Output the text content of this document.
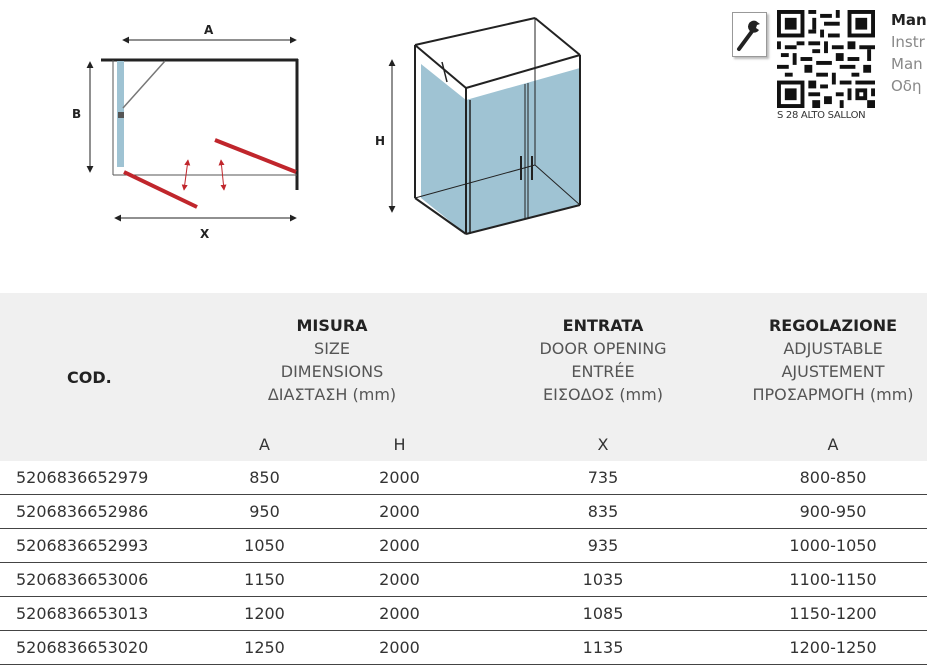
A
B
X
H
S 28 ALTO SALLON
Man
Instr
Man
Οδη
COD.	MISURA
SIZE
DIMENSIONS
ΔΙΑΣΤΑΣΗ (mm)		ENTRATA
DOOR OPENING
ENTRÉE
ΕΙΣΟΔΟΣ (mm)	REGOLAZIONE
ADJUSTABLE
AJUSTEMENT
ΠΡΟΣΑΡΜΟΓΗ (mm)

	A	H	X	A
5206836652979	850	2000	735	800-850
5206836652986	950	2000	835	900-950
5206836652993	1050	2000	935	1000-1050
5206836653006	1150	2000	1035	1100-1150
5206836653013	1200	2000	1085	1150-1200
5206836653020	1250	2000	1135	1200-1250
